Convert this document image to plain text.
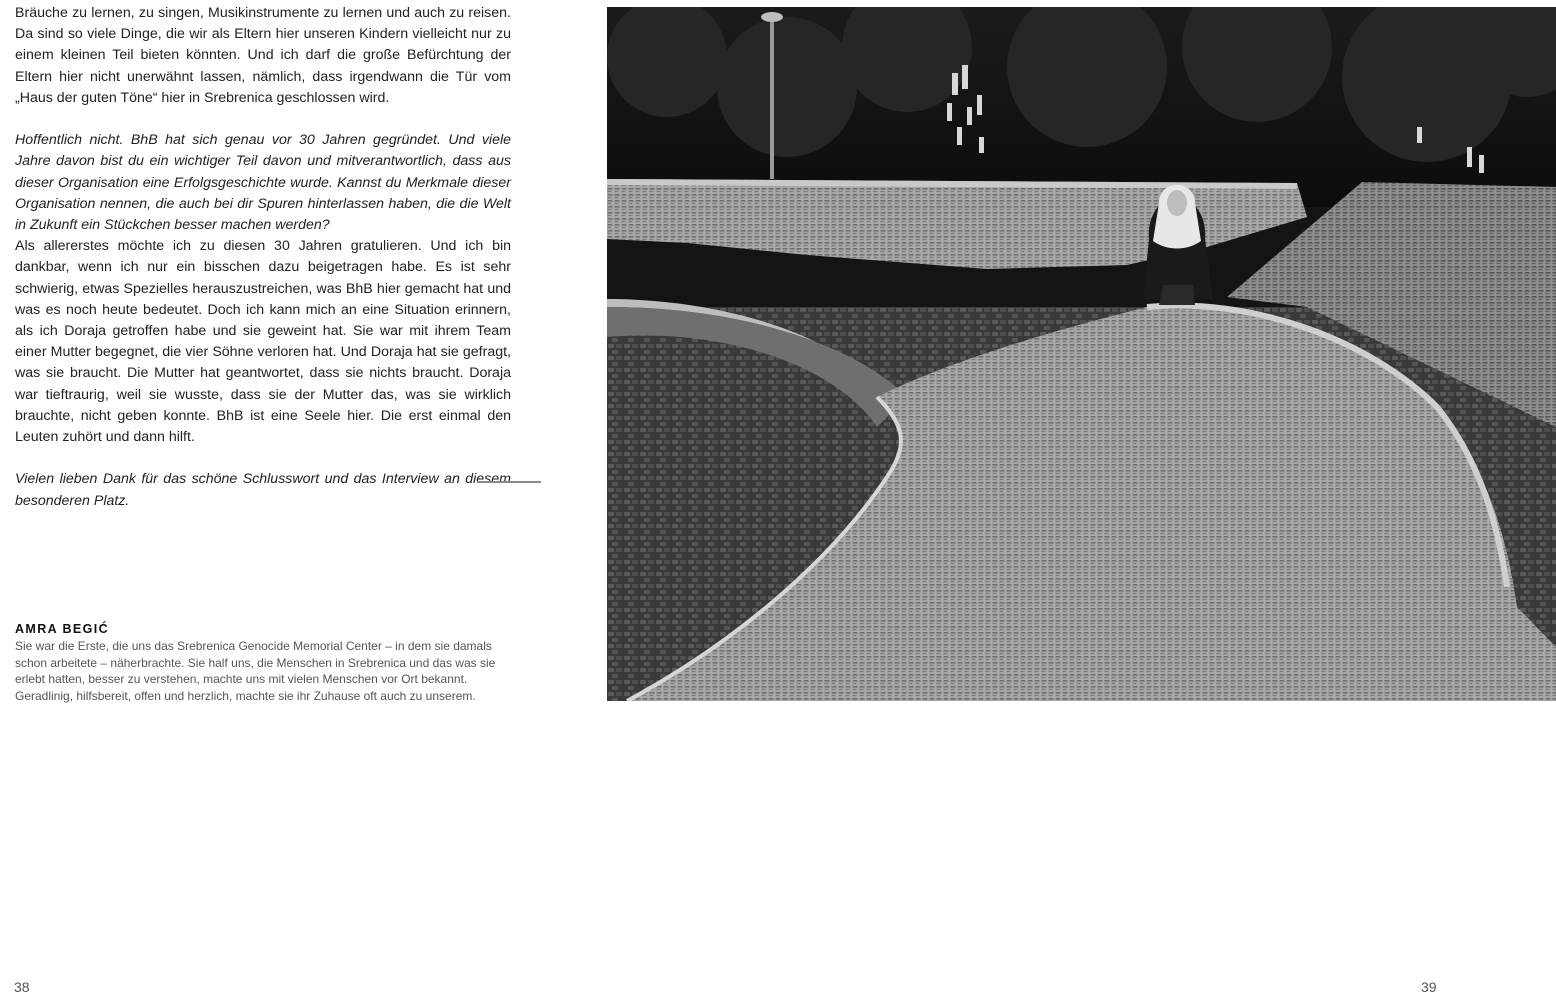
Bräuche zu lernen, zu singen, Musikinstrumente zu lernen und auch zu reisen. Da sind so viele Dinge, die wir als Eltern hier unseren Kindern vielleicht nur zu einem kleinen Teil bieten könnten. Und ich darf die große Befürchtung der Eltern hier nicht unerwähnt lassen, nämlich, dass irgendwann die Tür vom „Haus der guten Töne“ hier in Srebrenica geschlossen wird.

Hoffentlich nicht. BhB hat sich genau vor 30 Jahren gegründet. Und viele Jahre davon bist du ein wichtiger Teil davon und mitverantwortlich, dass aus dieser Organisation eine Erfolgsgeschichte wurde. Kannst du Merkmale dieser Organisation nennen, die auch bei dir Spuren hinterlassen haben, die die Welt in Zukunft ein Stückchen besser machen werden?

Als allererstes möchte ich zu diesen 30 Jahren gratulieren. Und ich bin dankbar, wenn ich nur ein bisschen dazu beigetragen habe. Es ist sehr schwierig, etwas Spezielles herauszustreichen, was BhB hier gemacht hat und was es noch heute bedeutet. Doch ich kann mich an eine Situation erinnern, als ich Doraja getroffen habe und sie geweint hat. Sie war mit ihrem Team einer Mutter begegnet, die vier Söhne verloren hat. Und Doraja hat sie gefragt, was sie braucht. Die Mutter hat geantwortet, dass sie nichts braucht. Doraja war tieftraurig, weil sie wusste, dass sie der Mutter das, was sie wirklich brauchte, nicht geben konnte. BhB ist eine Seele hier. Die erst einmal den Leuten zuhört und dann hilft.

Vielen lieben Dank für das schöne Schlusswort und das Interview an diesem besonderen Platz.

AMRA BEGIĆ

Sie war die Erste, die uns das Srebrenica Genocide Memorial Center – in dem sie damals schon arbeitete – näherbrachte. Sie half uns, die Menschen in Srebrenica und das was sie erlebt hatten, besser zu verstehen, machte uns mit vielen Menschen vor Ort bekannt. Geradlinig, hilfsbereit, offen und herzlich, machte sie ihr Zuhause oft auch zu unserem.

38	39
